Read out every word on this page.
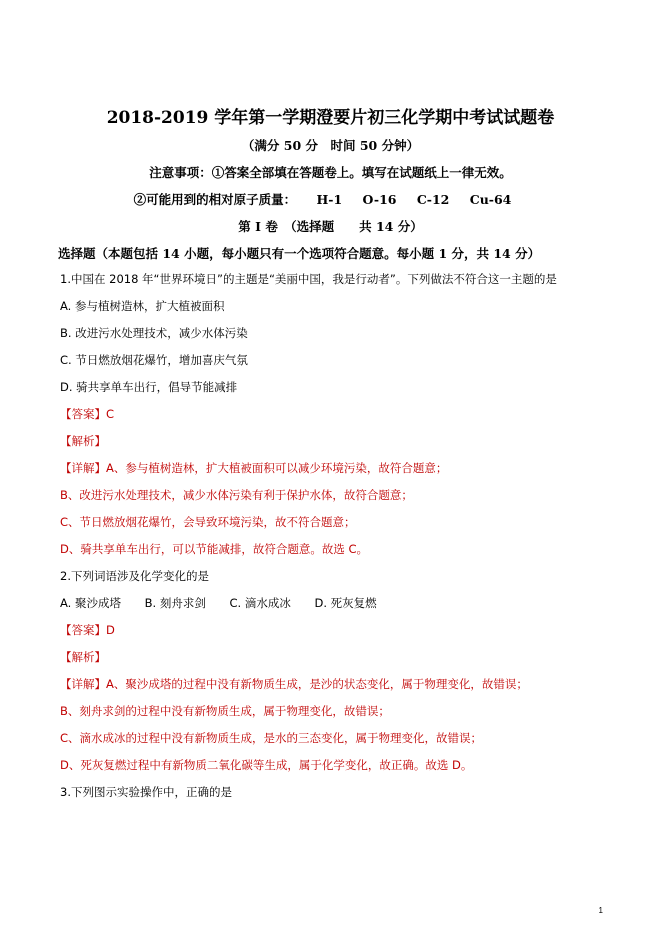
2018-2019 学年第一学期澄要片初三化学期中考试试题卷
（满分 50 分　时间 50 分钟）
注意事项：①答案全部填在答题卷上。填写在试题纸上一律无效。
②可能用到的相对原子质量： H-1 O-16 C-12 Cu-64
第 I 卷　（选择题　　共 14 分）
选择题（本题包括 14 小题，每小题只有一个选项符合题意。每小题 1 分，共 14 分）
1.中国在 2018 年“世界环境日”的主题是“美丽中国，我是行动者”。下列做法不符合这一主题的是
A. 参与植树造林，扩大植被面积
B. 改进污水处理技术，减少水体污染
C. 节日燃放烟花爆竹，增加喜庆气氛
D. 骑共享单车出行，倡导节能减排
【答案】C
【解析】
【详解】A、参与植树造林，扩大植被面积可以减少环境污染，故符合题意；
B、改进污水处理技术，减少水体污染有利于保护水体，故符合题意；
C、节日燃放烟花爆竹，会导致环境污染，故不符合题意；
D、骑共享单车出行，可以节能减排，故符合题意。故选 C。
2.下列词语涉及化学变化的是
A. 聚沙成塔 B. 刻舟求剑 C. 滴水成冰 D. 死灰复燃
【答案】D
【解析】
【详解】A、聚沙成塔的过程中没有新物质生成，是沙的状态变化，属于物理变化，故错误；
B、刻舟求剑的过程中没有新物质生成，属于物理变化，故错误；
C、滴水成冰的过程中没有新物质生成，是水的三态变化，属于物理变化，故错误；
D、死灰复燃过程中有新物质二氧化碳等生成，属于化学变化，故正确。故选 D。
3.下列图示实验操作中，正确的是
1
